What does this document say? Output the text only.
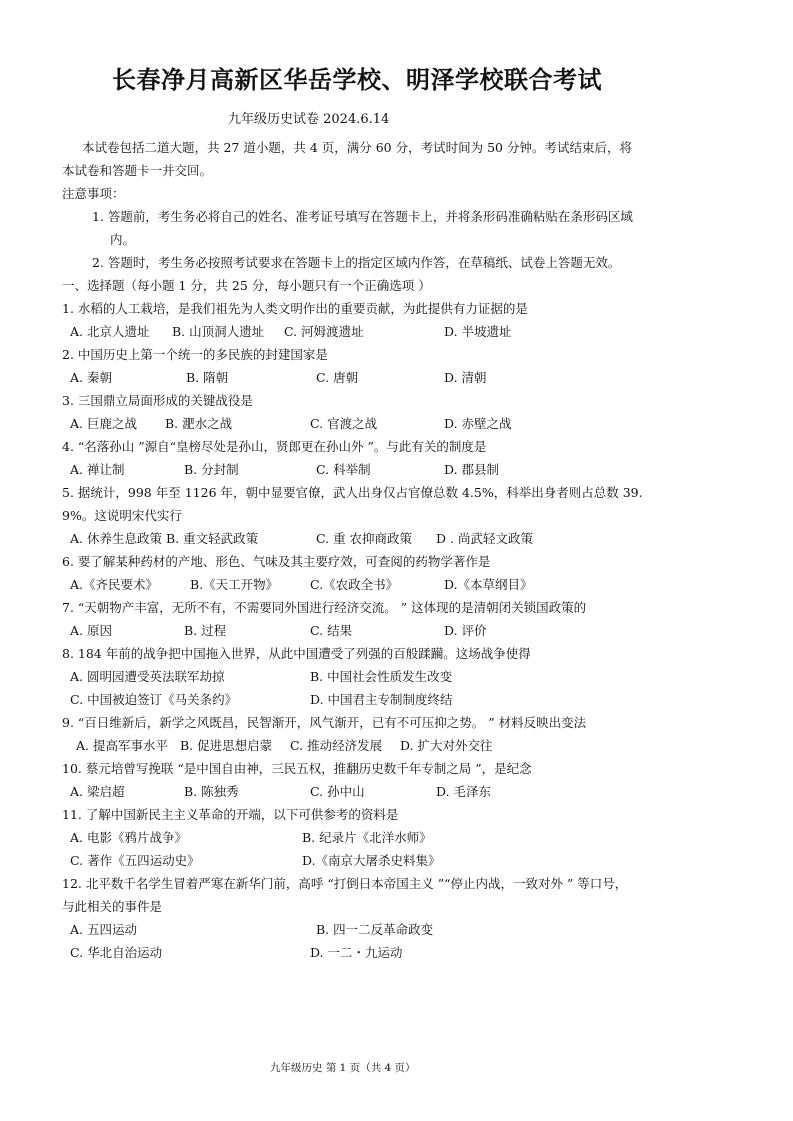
长春净月高新区华岳学校、明泽学校联合考试
九年级历史试卷 2024.6.14
本试卷包括二道大题，共 27 道小题，共 4 页，满分 60 分，考试时间为 50 分钟。考试结束后，将
本试卷和答题卡一并交回。
注意事项：
1. 答题前，考生务必将自己的姓名、准考证号填写在答题卡上，并将条形码准确粘贴在条形码区域
内。
2. 答题时，考生务必按照考试要求在答题卡上的指定区域内作答，在草稿纸、试卷上答题无效。
一、选择题（每小题 1 分，共 25 分，每小题只有一个正确选项 ）
1. 水稻的人工栽培，是我们祖先为人类文明作出的重要贡献，为此提供有力证据的是
A. 北京人遗址 B. 山顶洞人遗址 C. 河姆渡遗址	D. 半坡遗址
2. 中国历史上第一个统一的多民族的封建国家是
A. 秦朝	B. 隋朝	C. 唐朝	D. 清朝
3. 三国鼎立局面形成的关键战役是
A. 巨鹿之战 B. 淝水之战	C. 官渡之战	D. 赤壁之战
4. “名落孙山 ”源自“皇榜尽处是孙山，贤郎更在孙山外 ”。与此有关的制度是
A. 禅让制	B. 分封制	C. 科举制	D. 郡县制
5. 据统计，998 年至 1126 年，朝中显要官僚，武人出身仅占官僚总数 4.5%，科举出身者则占总数 39.
9%。这说明宋代实行
A. 休养生息政策 B. 重文轻武政策	C. 重 农抑商政策 D . 尚武轻文政策
6. 要了解某种药材的产地、形色、气味及其主要疗效，可查阅的药物学著作是
A.《齐民要术》	B.《天工开物》	C.《农政全书》	D.《本草纲目》
7. “天朝物产丰富，无所不有，不需要同外国进行经济交流。 ” 这体现的是清朝闭关锁国政策的
A. 原因	B. 过程	C. 结果	D. 评价
8. 184 年前的战争把中国拖入世界，从此中国遭受了列强的百般蹂躏。这场战争使得
A. 圆明园遭受英法联军劫掠	B. 中国社会性质发生改变
C. 中国被迫签订《马关条约》	D. 中国君主专制制度终结
9. “百日维新后，新学之风既昌，民智渐开，风气渐开，已有不可压抑之势。 ” 材料反映出变法
A. 提高军事水平 B. 促进思想启蒙 C. 推动经济发展 D. 扩大对外交往
10. 蔡元培曾写挽联 “是中国自由神，三民五权，推翻历史数千年专制之局 ”，是纪念
A. 梁启超	B. 陈独秀	C. 孙中山	D. 毛泽东
11. 了解中国新民主主义革命的开端，以下可供参考的资料是
A. 电影《鸦片战争》	B. 纪录片《北洋水师》
C. 著作《五四运动史》	D.《南京大屠杀史料集》
12. 北平数千名学生冒着严寒在新华门前，高呼 “打倒日本帝国主义 ”“停止内战，一致对外 ” 等口号，
与此相关的事件是
A. 五四运动	B. 四一二反革命政变
C. 华北自治运动	D. 一二・九运动
九年级历史 第 1 页（共 4 页）
